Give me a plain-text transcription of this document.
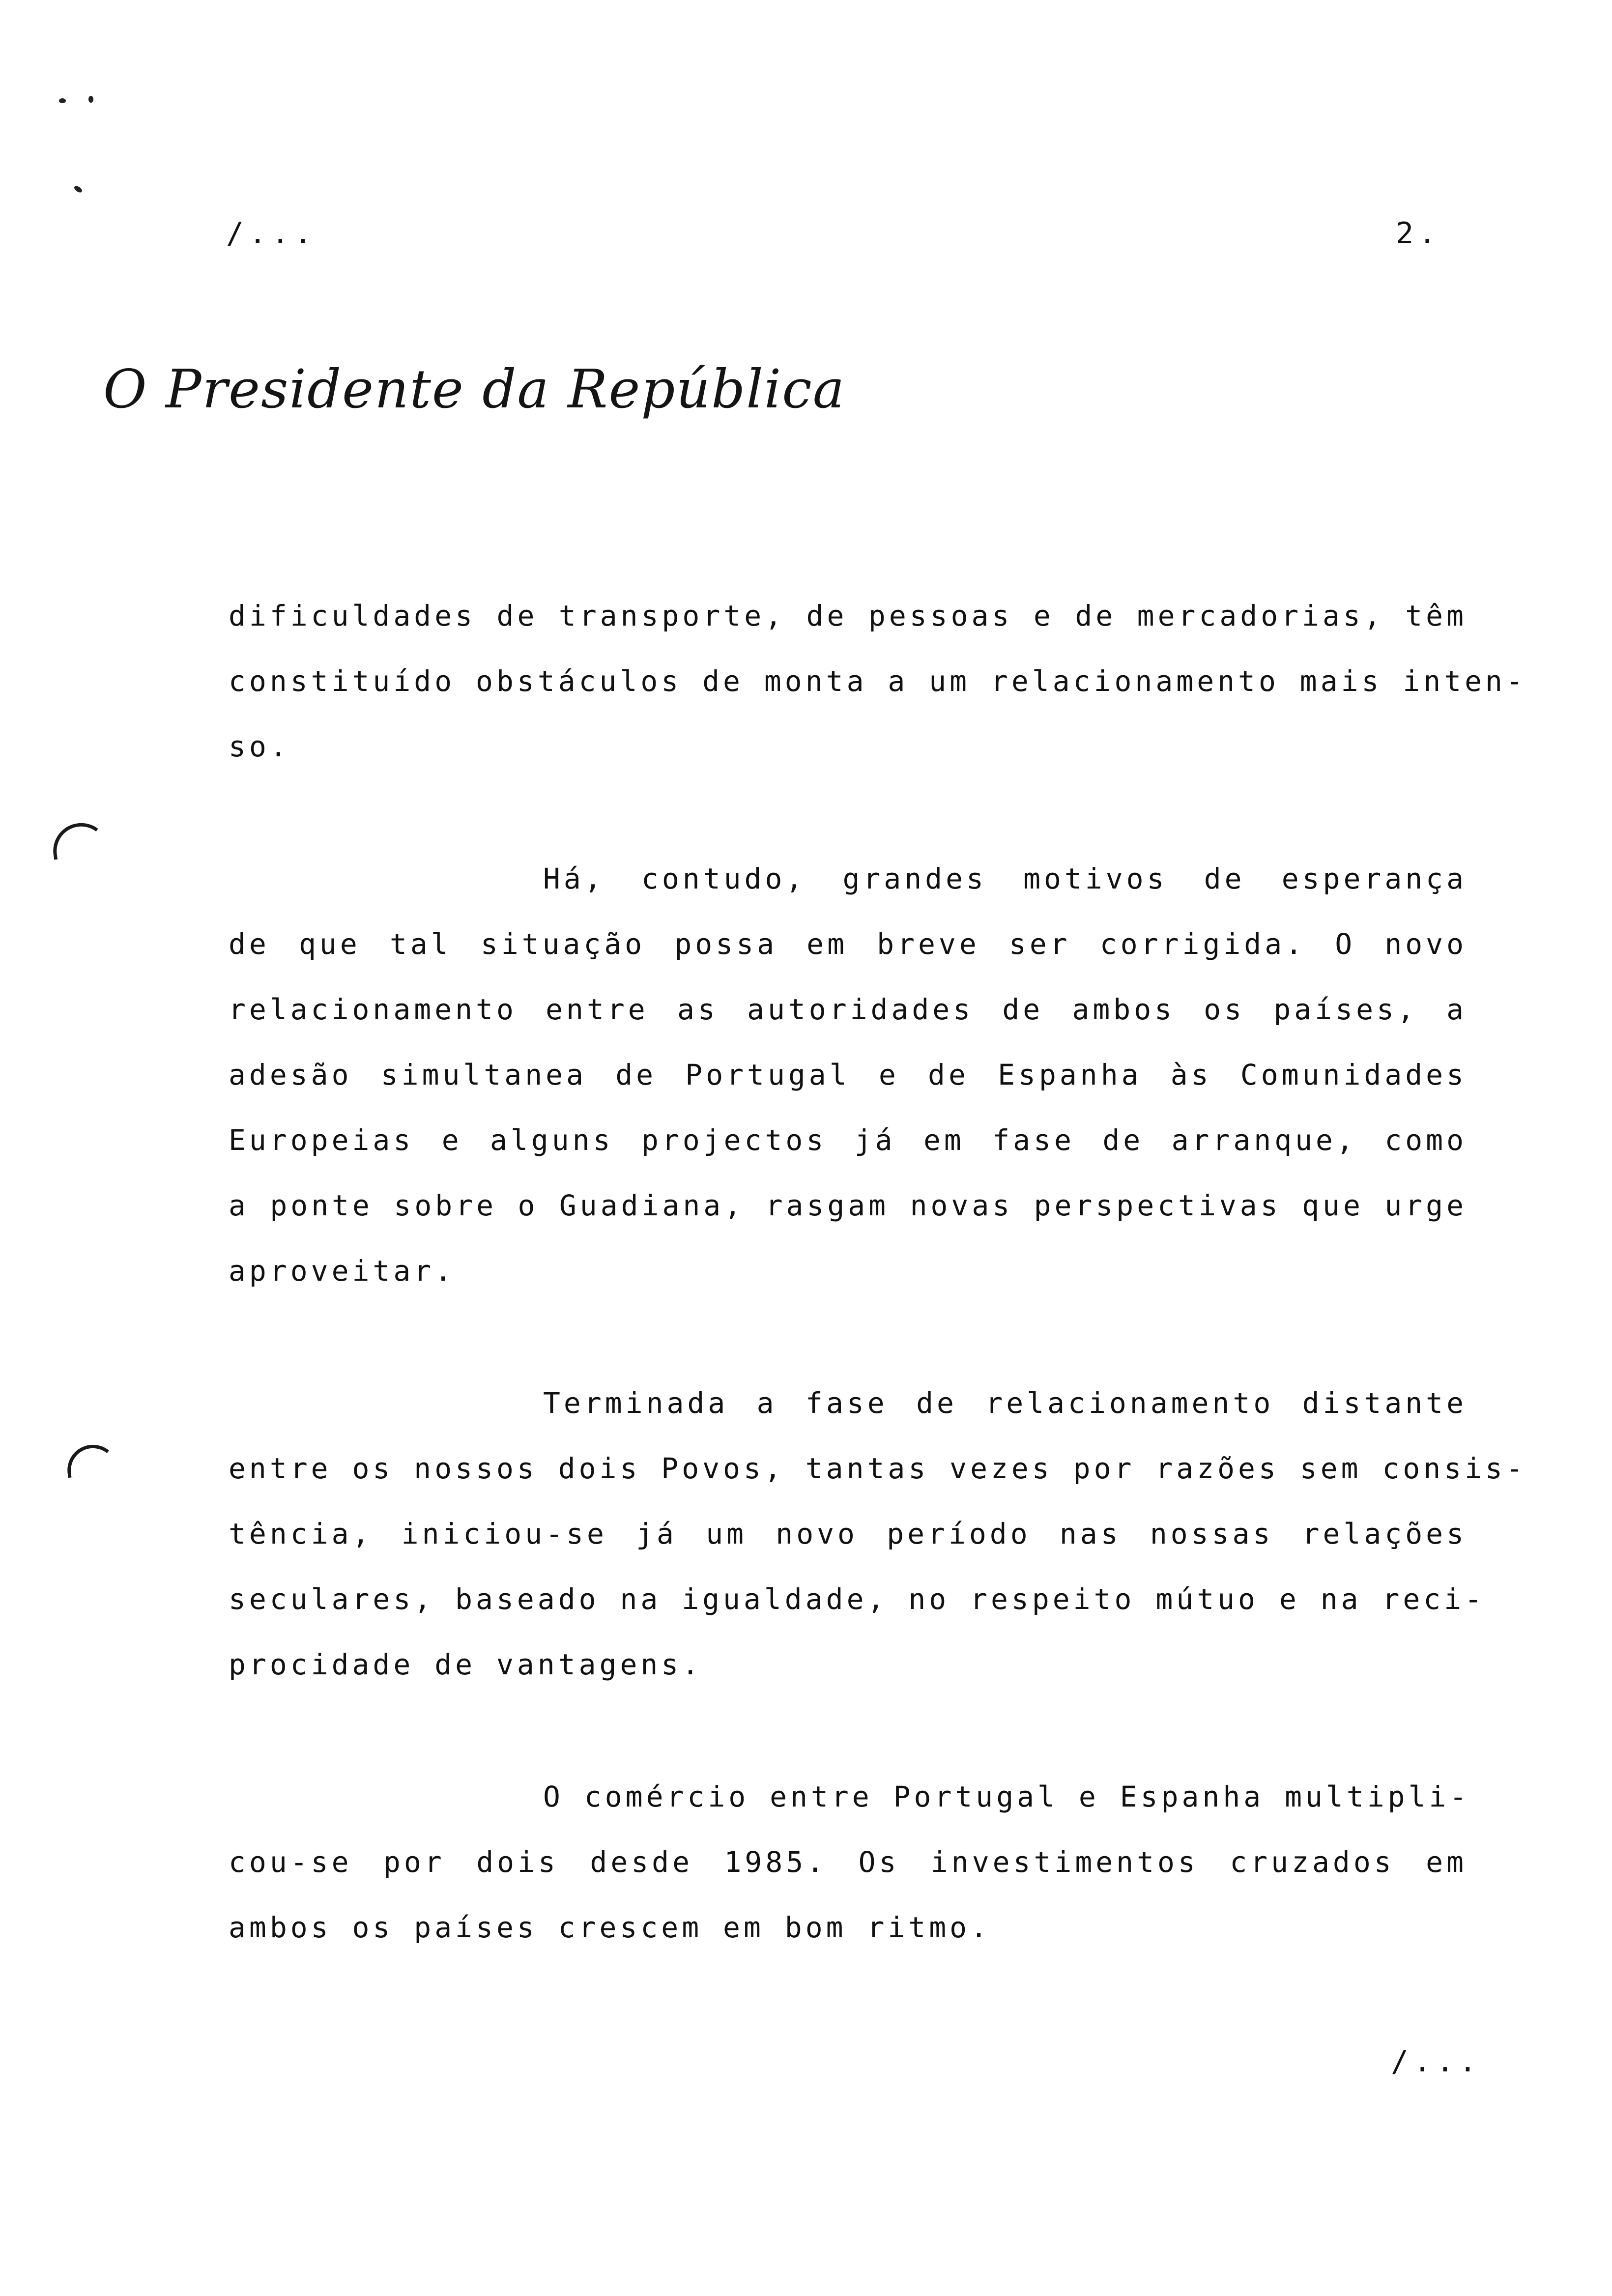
/...	2.
O Presidente da República
dificuldades de transporte, de pessoas e de mercadorias, têm
constituído obstáculos de monta a um relacionamento mais inten-
so.
Há, contudo, grandes motivos de esperança
de que tal situação possa em breve ser corrigida. O novo
relacionamento entre as autoridades de ambos os países, a
adesão simultanea de Portugal e de Espanha às Comunidades
Europeias e alguns projectos já em fase de arranque, como
a ponte sobre o Guadiana, rasgam novas perspectivas que urge
aproveitar.
Terminada a fase de relacionamento distante
entre os nossos dois Povos, tantas vezes por razões sem consis-
tência, iniciou-se já um novo período nas nossas relações
seculares, baseado na igualdade, no respeito mútuo e na reci-
procidade de vantagens.
O comércio entre Portugal e Espanha multipli-
cou-se por dois desde 1985. Os investimentos cruzados em
ambos os países crescem em bom ritmo.
/...
